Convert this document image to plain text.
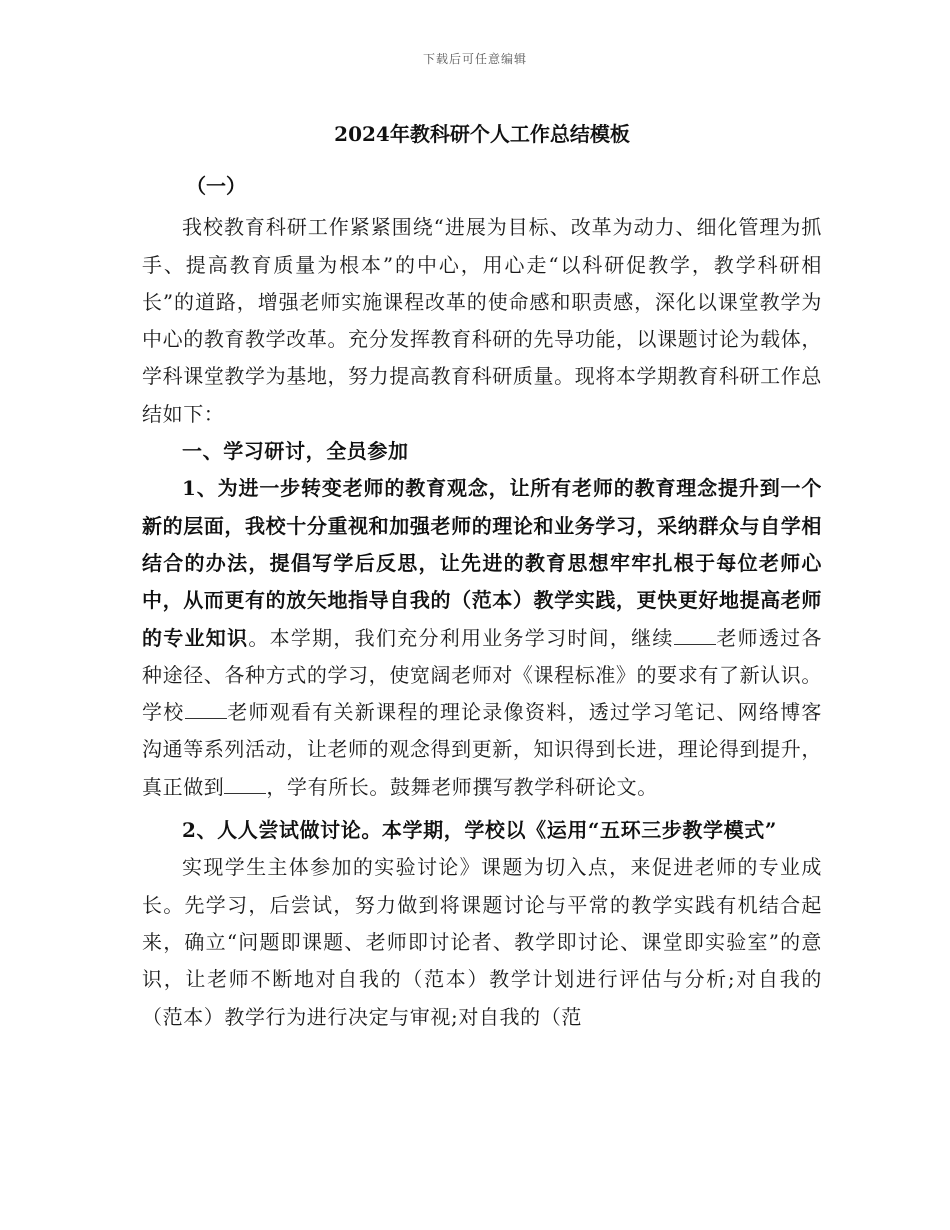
下载后可任意编辑
2024年教科研个人工作总结模板
（一）

我校教育科研工作紧紧围绕“进展为目标、改革为动力、细化管理为抓手、提高教育质量为根本”的中心，用心走“以科研促教学，教学科研相长”的道路，增强老师实施课程改革的使命感和职责感，深化以课堂教学为中心的教育教学改革。充分发挥教育科研的先导功能，以课题讨论为载体，学科课堂教学为基地，努力提高教育科研质量。现将本学期教育科研工作总结如下：

一、学习研讨，全员参加

1、为进一步转变老师的教育观念，让所有老师的教育理念提升到一个新的层面，我校十分重视和加强老师的理论和业务学习，采纳群众与自学相结合的办法，提倡写学后反思，让先进的教育思想牢牢扎根于每位老师心中，从而更有的放矢地指导自我的（范本）教学实践，更快更好地提高老师的专业知识。本学期，我们充分利用业务学习时间，继续 老师透过各种途径、各种方式的学习，使宽阔老师对《课程标准》的要求有了新认识。学校 老师观看有关新课程的理论录像资料，透过学习笔记、网络博客沟通等系列活动，让老师的观念得到更新，知识得到长进，理论得到提升，真正做到 ，学有所长。鼓舞老师撰写教学科研论文。

2、人人尝试做讨论。本学期，学校以《运用“五环三步教学模式”

实现学生主体参加的实验讨论》课题为切入点，来促进老师的专业成长。先学习，后尝试，努力做到将课题讨论与平常的教学实践有机结合起来，确立“问题即课题、老师即讨论者、教学即讨论、课堂即实验室”的意识，让老师不断地对自我的（范本）教学计划进行评估与分析;对自我的（范本）教学行为进行决定与审视;对自我的（范
